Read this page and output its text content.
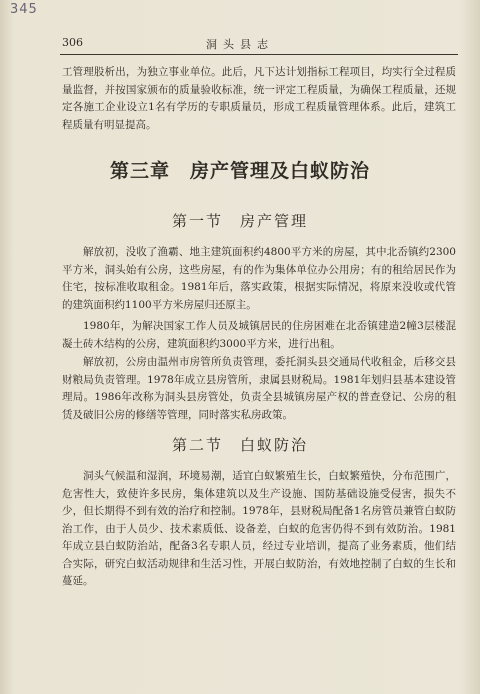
345
306	洞头县志

工管理股析出，为独立事业单位。此后，凡下达计划指标工程项目，均实行全过程质量监督，并按国家颁布的质量验收标准，统一评定工程质量，为确保工程质量，还规定各施工企业设立1名有学历的专职质量员，形成工程质量管理体系。此后，建筑工程质量有明显提高。

第三章　房产管理及白蚁防治
第一节　房产管理

解放初，没收了渔霸、地主建筑面积约4800平方米的房屋，其中北岙镇约2300平方米，洞头始有公房，这些房屋，有的作为集体单位办公用房；有的租给居民作为住宅，按标准收取租金。1981年后，落实政策，根据实际情况，将原来没收或代管的建筑面积约1100平方米房屋归还原主。

1980年，为解决国家工作人员及城镇居民的住房困难在北岙镇建造2幢3层楼混凝土砖木结构的公房，建筑面积约3000平方米，进行出租。

解放初，公房由温州市房管所负责管理，委托洞头县交通局代收租金，后移交县财粮局负责管理。1978年成立县房管所，隶属县财税局。1981年划归县基本建设管理局。1986年改称为洞头县房管处，负责全县城镇房屋产权的普查登记、公房的租赁及破旧公房的修缮等管理，同时落实私房政策。

第二节　白蚁防治

洞头气候温和湿润，环境易潮，适宜白蚁繁殖生长，白蚁繁殖快，分布范围广，危害性大，致使许多民房，集体建筑以及生产设施、国防基础设施受侵害，损失不少，但长期得不到有效的治疗和控制。1978年，县财税局配备1名房管员兼管白蚁防治工作，由于人员少、技术素质低、设备差，白蚁的危害仍得不到有效防治。1981年成立县白蚁防治站，配备3名专职人员，经过专业培训，提高了业务素质，他们结合实际，研究白蚁活动规律和生活习性，开展白蚁防治，有效地控制了白蚁的生长和蔓延。
